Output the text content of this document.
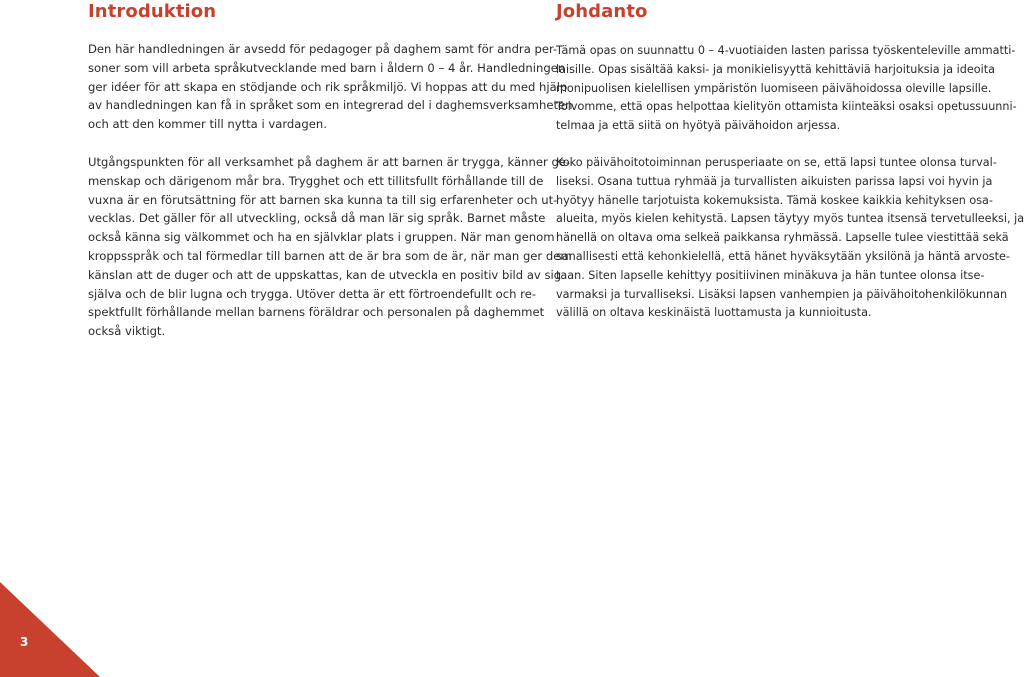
Introduktion
Den här handledningen är avsedd för pedagoger på daghem samt för andra per-
soner som vill arbeta språkutvecklande med barn i åldern 0 – 4 år. Handledningen
ger idéer för att skapa en stödjande och rik språkmiljö. Vi hoppas att du med hjälp
av handledningen kan få in språket som en integrerad del i daghemsverksamheten
och att den kommer till nytta i vardagen.
Utgångspunkten för all verksamhet på daghem är att barnen är trygga, känner ge-
menskap och därigenom mår bra. Trygghet och ett tillitsfullt förhållande till de
vuxna är en förutsättning för att barnen ska kunna ta till sig erfarenheter och ut-
vecklas. Det gäller för all utveckling, också då man lär sig språk. Barnet måste
också känna sig välkommet och ha en självklar plats i gruppen. När man genom
kroppsspråk och tal förmedlar till barnen att de är bra som de är, när man ger dem
känslan att de duger och att de uppskattas, kan de utveckla en positiv bild av sig
själva och de blir lugna och trygga. Utöver detta är ett förtroendefullt och re-
spektfullt förhållande mellan barnens föräldrar och personalen på daghemmet
också viktigt.
Johdanto
Tämä opas on suunnattu 0 – 4-vuotiaiden lasten parissa työskenteleville ammatti-
laisille. Opas sisältää kaksi- ja monikielisyyttä kehittäviä harjoituksia ja ideoita
monipuolisen kielellisen ympäristön luomiseen päivähoidossa oleville lapsille.
Toivomme, että opas helpottaa kielityön ottamista kiinteäksi osaksi opetussuunni-
telmaa ja että siitä on hyötyä päivähoidon arjessa.
Koko päivähoitotoiminnan perusperiaate on se, että lapsi tuntee olonsa turval-
liseksi. Osana tuttua ryhmää ja turvallisten aikuisten parissa lapsi voi hyvin ja
hyötyy hänelle tarjotuista kokemuksista. Tämä koskee kaikkia kehityksen osa-
alueita, myös kielen kehitystä. Lapsen täytyy myös tuntea itsensä tervetulleeksi, ja
hänellä on oltava oma selkeä paikkansa ryhmässä. Lapselle tulee viestittää sekä
sanallisesti että kehonkielellä, että hänet hyväksytään yksilönä ja häntä arvoste-
taan. Siten lapselle kehittyy positiivinen minäkuva ja hän tuntee olonsa itse-
varmaksi ja turvalliseksi. Lisäksi lapsen vanhempien ja päivähoitohenkilökunnan
välillä on oltava keskinäistä luottamusta ja kunnioitusta.
3
